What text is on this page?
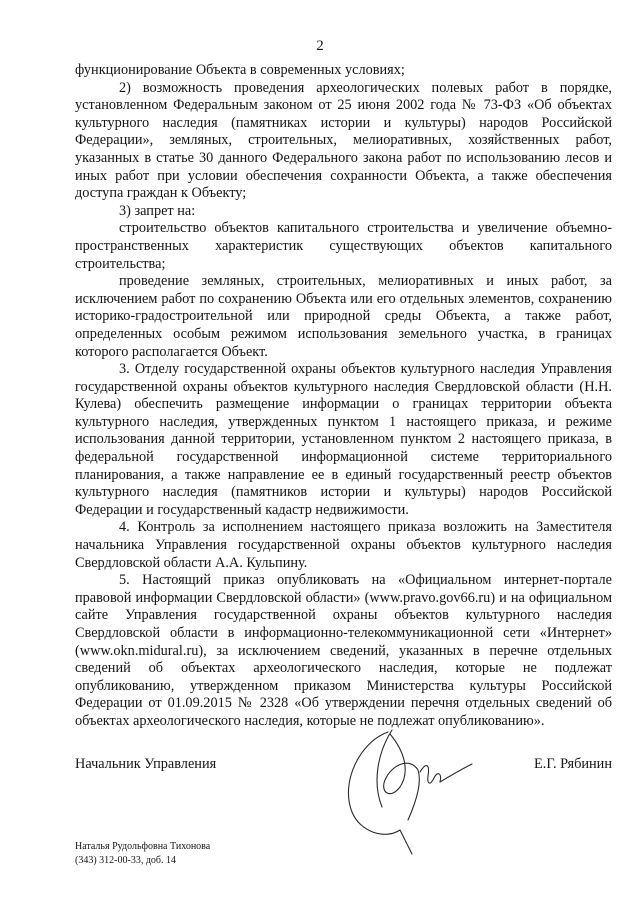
2

функционирование Объекта в современных условиях;

2) возможность проведения археологических полевых работ в порядке, установленном Федеральным законом от 25 июня 2002 года № 73-ФЗ «Об объектах культурного наследия (памятниках истории и культуры) народов Российской Федерации», земляных, строительных, мелиоративных, хозяйственных работ, указанных в статье 30 данного Федерального закона работ по использованию лесов и иных работ при условии обеспечения сохранности Объекта, а также обеспечения доступа граждан к Объекту;

3) запрет на:

строительство объектов капитального строительства и увеличение объемно-пространственных характеристик существующих объектов капитального строительства;

проведение земляных, строительных, мелиоративных и иных работ, за исключением работ по сохранению Объекта или его отдельных элементов, сохранению историко-градостроительной или природной среды Объекта, а также работ, определенных особым режимом использования земельного участка, в границах которого располагается Объект.

3. Отделу государственной охраны объектов культурного наследия Управления государственной охраны объектов культурного наследия Свердловской области (Н.Н. Кулева) обеспечить размещение информации о границах территории объекта культурного наследия, утвержденных пунктом 1 настоящего приказа, и режиме использования данной территории, установленном пунктом 2 настоящего приказа, в федеральной государственной информационной системе территориального планирования, а также направление ее в единый государственный реестр объектов культурного наследия (памятников истории и культуры) народов Российской Федерации и государственный кадастр недвижимости.

4. Контроль за исполнением настоящего приказа возложить на Заместителя начальника Управления государственной охраны объектов культурного наследия Свердловской области А.А. Кульпину.

5. Настоящий приказ опубликовать на «Официальном интернет-портале правовой информации Свердловской области» (www.pravo.gov66.ru) и на официальном сайте Управления государственной охраны объектов культурного наследия Свердловской области в информационно-телекоммуникационной сети «Интернет» (www.okn.midural.ru), за исключением сведений, указанных в перечне отдельных сведений об объектах археологического наследия, которые не подлежат опубликованию, утвержденном приказом Министерства культуры Российской Федерации от 01.09.2015 № 2328 «Об утверждении перечня отдельных сведений об объектах археологического наследия, которые не подлежат опубликованию».

Начальник Управления	Е.Г. Рябинин
Наталья Рудольфовна Тихонова
(343) 312-00-33, доб. 14
